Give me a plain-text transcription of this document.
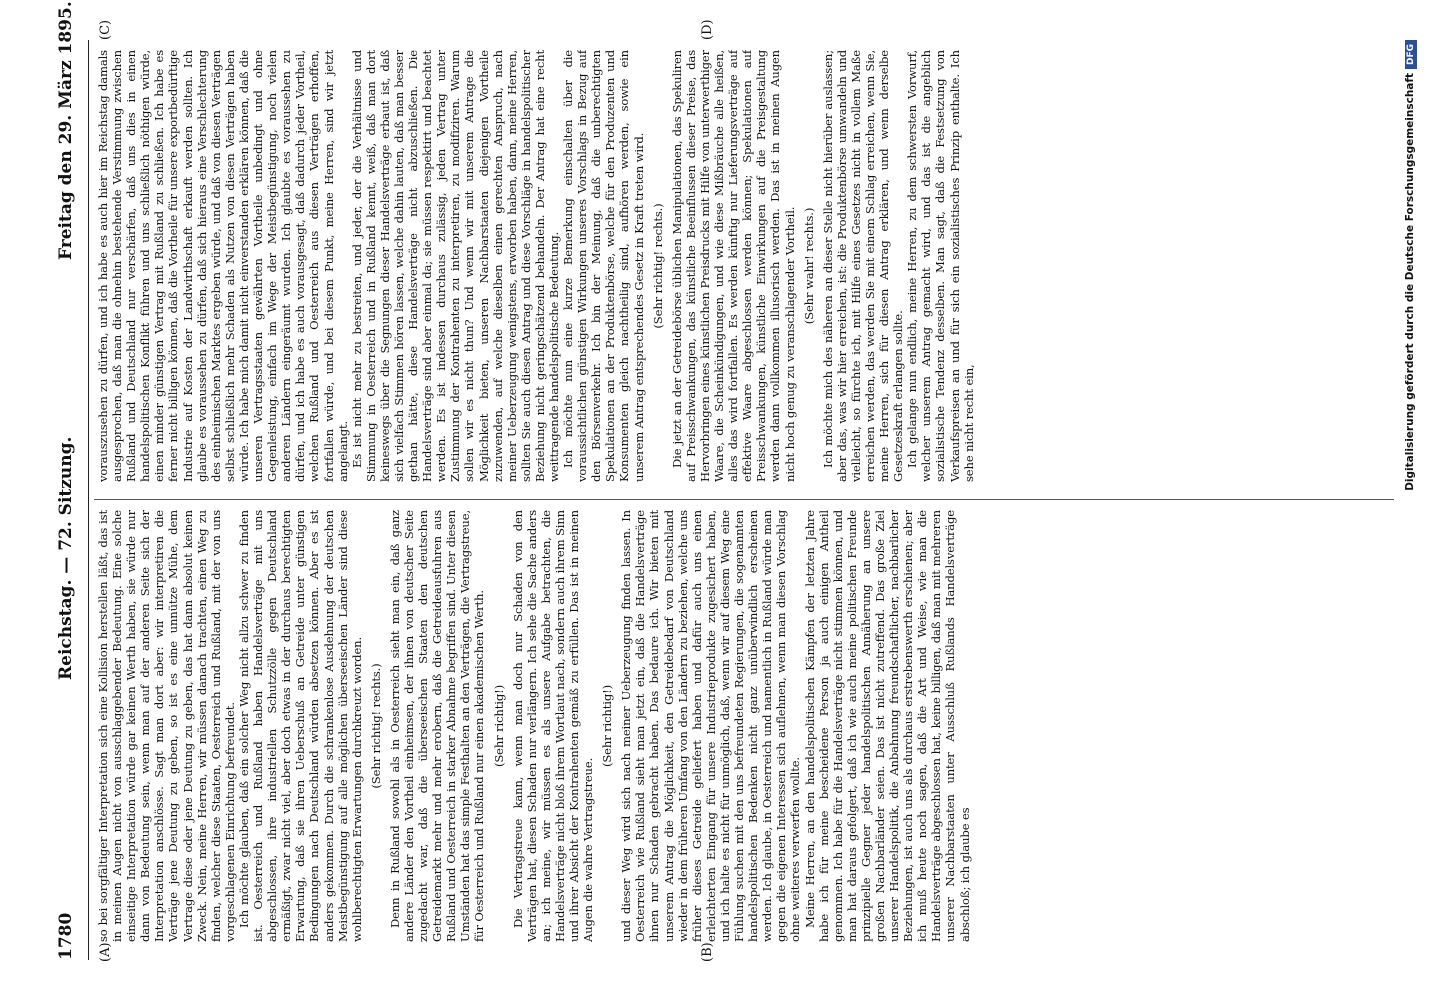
1780
Reichstag. — 72. Sitzung.
Freitag den 29. März 1895.
(A)	(B)
(C)	(D)

so bei sorgfältiger Interpretation sich eine Kollision herstellen läßt, das ist in meinen Augen nicht von ausschlaggebender Bedeutung. Eine solche einseitige Interpretation würde gar keinen Werth haben, sie würde nur dann von Bedeutung sein, wenn man auf der anderen Seite sich der Interpretation anschlösse. Sagt man dort aber: wir interpretiren die Verträge jene Deutung zu geben, so ist es eine unnütze Mühe, dem Vertrage diese oder jene Deutung zu geben, das hat dann absolut keinen Zweck. Nein, meine Herren, wir müssen danach trachten, einen Weg zu finden, welcher diese Staaten, Oesterreich und Rußland, mit der von uns vorgeschlagenen Einrichtung befreundet. Ich möchte glauben, daß ein solcher Weg nicht allzu schwer zu finden ist. Oesterreich und Rußland haben Handelsverträge mit uns abgeschlossen, ihre industriellen Schutzzölle gegen Deutschland ermäßigt, zwar nicht viel, aber doch etwas in der durchaus berechtigten Erwartung, daß sie ihren Ueberschuß an Getreide unter günstigen Bedingungen nach Deutschland würden absetzen können. Aber es ist anders gekommen. Durch die schrankenlose Ausdehnung der deutschen Meistbegünstigung auf alle möglichen überseeischen Länder sind diese wohlberechtigten Erwartungen durchkreuzt worden. (Sehr richtig! rechts.) Denn in Rußland sowohl als in Oesterreich sieht man ein, daß ganz andere Länder den Vortheil einheimsen, der ihnen von deutscher Seite zugedacht war, daß die überseeischen Staaten den deutschen Getreidemarkt mehr und mehr erobern, daß die Getreideausfuhren aus Rußland und Oesterreich in starker Abnahme begriffen sind. Unter diesen Umständen hat das simple Festhalten an den Verträgen, die Vertragstreue, für Oesterreich und Rußland nur einen akademischen Werth. (Sehr richtig!) Die Vertragstreue kann, wenn man doch nur Schaden von den Verträgen hat, diesen Schaden nur verlängern. Ich sehe die Sache anders an; ich meine, wir müssen es als unsere Aufgabe betrachten, die Handelsverträge nicht bloß ihrem Wortlaut nach, sondern auch ihrem Sinn und ihrer Absicht der Kontrahenten gemäß zu erfüllen. Das ist in meinen Augen die wahre Vertragstreue.

(Sehr richtig!) und dieser Weg wird sich nach meiner Ueberzeugung finden lassen. In Oesterreich wie Rußland sieht man jetzt ein, daß die Handelsverträge ihnen nur Schaden gebracht haben. Das bedaure ich. Wir bieten mit unserem Antrag die Möglichkeit, den Getreidebedarf von Deutschland wieder in dem früheren Umfang von den Ländern zu beziehen, welche uns früher dieses Getreide geliefert haben und dafür auch uns einen erleichterten Eingang für unsere Industrieprodukte zugesichert haben, und ich halte es nicht für unmöglich, daß, wenn wir auf diesem Weg eine Fühlung suchen mit den uns befreundeten Regierungen, die sogenannten handelspolitischen Bedenken nicht ganz unüberwindlich erscheinen werden. Ich glaube, in Oesterreich und namentlich in Rußland würde man gegen die eigenen Interessen sich auflehnen, wenn man diesen Vorschlag ohne weiteres verwerfen wollte. Meine Herren, an den handelspolitischen Kämpfen der letzten Jahre habe ich für meine bescheidene Person ja auch einigen Antheil genommen. Ich habe für die Handelsverträge nicht stimmen können, und man hat daraus gefolgert, daß ich wie auch meine politischen Freunde prinzipielle Gegner jeder handelspolitischen Annäherung an unsere großen Nachbarländer seien. Das ist nicht zutreffend. Das große Ziel unserer Handelspolitik, die Anbahnung freundschaftlicher, nachbarlicher Beziehungen, ist auch uns als durchaus erstrebenswerth erschienen; aber ich muß heute noch sagen, daß die Art und Weise, wie man die Handelsverträge abgeschlossen hat, keine billigen, daß man mit mehreren unserer Nachbarstaaten unter Ausschluß Rußlands Handelsverträge abschloß; ich glaube es

vorauszusehen zu dürfen, und ich habe es auch hier im Reichstag damals ausgesprochen, daß man die ohnehin bestehende Verstimmung zwischen Rußland und Deutschland nur verschärfen, daß uns dies in einen handelspolitischen Konflikt führen und uns schließlich nöthigen würde, einen minder günstigen Vertrag mit Rußland zu schließen. Ich habe es ferner nicht billigen können, daß die Vortheile für unsere exportbedürftige Industrie auf Kosten der Landwirthschaft erkauft werden sollten. Ich glaube es voraussehen zu dürfen, daß sich hieraus eine Verschlechterung des einheimischen Marktes ergeben würde, und daß von diesen Verträgen selbst schließlich mehr Schaden als Nutzen von diesen Verträgen haben würde. Ich habe mich damit nicht einverstanden erklären können, daß die unseren Vertragsstaaten gewährten Vortheile unbedingt und ohne Gegenleistung, einfach im Wege der Meistbegünstigung, noch vielen anderen Ländern eingeräumt wurden. Ich glaubte es voraussehen zu dürfen, und ich habe es auch vorausgesagt, daß dadurch jeder Vortheil, welchen Rußland und Oesterreich aus diesen Verträgen erhoffen, fortfallen würde, und bei diesem Punkt, meine Herren, sind wir jetzt angelangt. Es ist nicht mehr zu bestreiten, und jeder, der die Verhältnisse und Stimmung in Oesterreich und in Rußland kennt, weiß, daß man dort keineswegs über die Segnungen dieser Handelsverträge erbaut ist, daß sich vielfach Stimmen hören lassen, welche dahin lauten, daß man besser gethan hätte, diese Handelsverträge nicht abzuschließen. Die Handelsverträge sind aber einmal da; sie müssen respektirt und beachtet werden. Es ist indessen durchaus zulässig, jeden Vertrag unter Zustimmung der Kontrahenten zu interpretiren, zu modifiziren. Warum sollen wir es nicht thun? Und wenn wir mit unserem Antrage die Möglichkeit bieten, unseren Nachbarstaaten diejenigen Vortheile zuzuwenden, auf welche dieselben einen gerechten Anspruch, nach meiner Ueberzeugung wenigstens, erworben haben, dann, meine Herren, sollten Sie auch diesen Antrag und diese Vorschläge in handelspolitischer Beziehung nicht geringschätzend behandeln. Der Antrag hat eine recht weittragende handelspolitische Bedeutung. Ich möchte nun eine kurze Bemerkung einschalten über die voraussichtlichen günstigen Wirkungen unseres Vorschlags in Bezug auf den Börsenverkehr. Ich bin der Meinung, daß die unberechtigten Spekulationen an der Produktenbörse, welche für den Produzenten und Konsumenten gleich nachtheilig sind, aufhören werden, sowie ein unserem Antrag entsprechendes Gesetz in Kraft treten wird. (Sehr richtig! rechts.) Die jetzt an der Getreidebörse üblichen Manipulationen, das Spekuliren auf Preisschwankungen, das künstliche Beeinflussen dieser Preise, das Hervorbringen eines künstlichen Preisdrucks mit Hilfe von unterwerthiger Waare, die Scheinkündigungen, und wie diese Mißbräuche alle heißen, alles das wird fortfallen. Es werden künftig nur Lieferungsverträge auf effektive Waare abgeschlossen werden können; Spekulationen auf Preisschwankungen, künstliche Einwirkungen auf die Preisgestaltung werden dann vollkommen illusorisch werden. Das ist in meinen Augen nicht hoch genug zu veranschlagender Vortheil. (Sehr wahr! rechts.) Ich möchte mich des näheren an dieser Stelle nicht hierüber auslassen; aber das, was wir hier erreichen, ist: die Produktenbörse umwandeln und vielleicht, so fürchte ich, mit Hilfe eines Gesetzes nicht in vollem Maße erreichen werden, das werden Sie mit einem Schlag erreichen, wenn Sie, meine Herren, sich für diesen Antrag erklären, und wenn derselbe Gesetzeskraft erlangen sollte. Ich gelange nun endlich, meine Herren, zu dem schwersten Vorwurf, welcher unserem Antrag gemacht wird, und das ist die angeblich sozialistische Tendenz desselben. Man sagt, daß die Festsetzung von Verkaufspreisen an und für sich ein sozialistisches Prinzip enthalte. Ich sehe nicht recht ein,	Digitalisierung gefördert durch die Deutsche ForschungsgemeinschaftDFG
